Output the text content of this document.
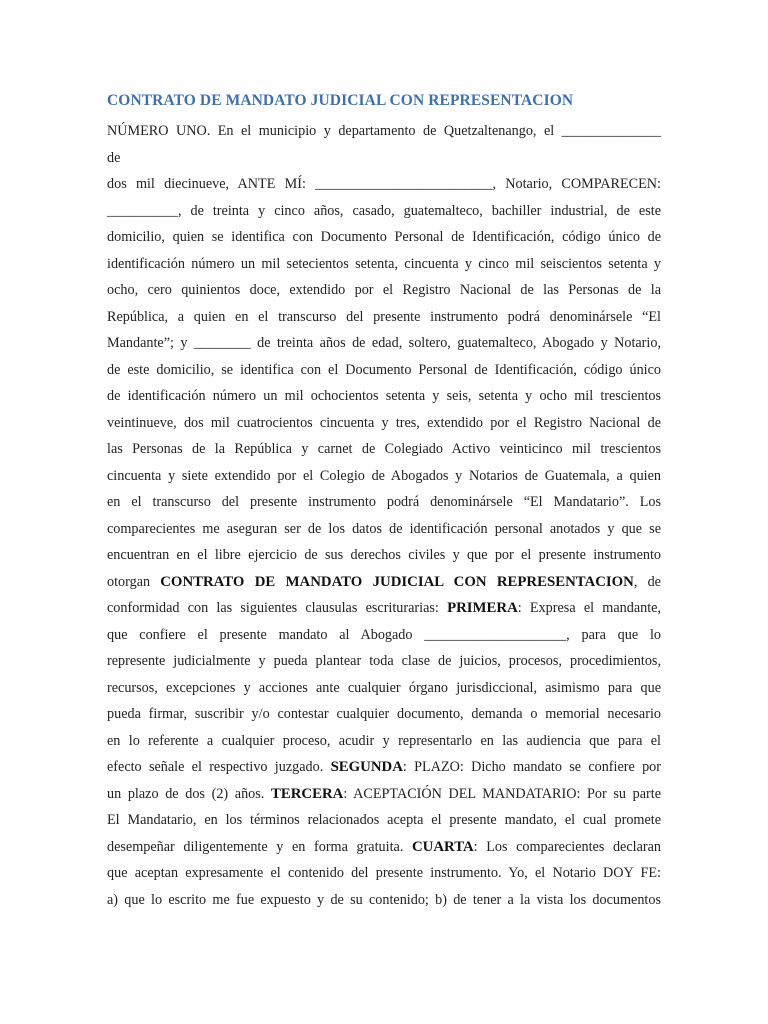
CONTRATO DE MANDATO JUDICIAL CON REPRESENTACION
NÚMERO UNO. En el municipio y departamento de Quetzaltenango, el ______________
de
dos mil diecinueve, ANTE MÍ: _________________________, Notario, COMPARECEN:
__________, de treinta y cinco años, casado, guatemalteco, bachiller industrial, de este
domicilio, quien se identifica con Documento Personal de Identificación, código único de
identificación número un mil setecientos setenta, cincuenta y cinco mil seiscientos setenta y
ocho, cero quinientos doce, extendido por el Registro Nacional de las Personas de la
República, a quien en el transcurso del presente instrumento podrá denominársele “El
Mandante”; y ________ de treinta años de edad, soltero, guatemalteco, Abogado y Notario,
de este domicilio, se identifica con el Documento Personal de Identificación, código único
de identificación número un mil ochocientos setenta y seis, setenta y ocho mil trescientos
veintinueve, dos mil cuatrocientos cincuenta y tres, extendido por el Registro Nacional de
las Personas de la República y carnet de Colegiado Activo veinticinco mil trescientos
cincuenta y siete extendido por el Colegio de Abogados y Notarios de Guatemala, a quien
en el transcurso del presente instrumento podrá denominársele “El Mandatario”. Los
comparecientes me aseguran ser de los datos de identificación personal anotados y que se
encuentran en el libre ejercicio de sus derechos civiles y que por el presente instrumento
otorgan CONTRATO DE MANDATO JUDICIAL CON REPRESENTACION, de
conformidad con las siguientes clausulas escriturarias: PRIMERA: Expresa el mandante,
que confiere el presente mandato al Abogado ____________________, para que lo
represente judicialmente y pueda plantear toda clase de juicios, procesos, procedimientos,
recursos, excepciones y acciones ante cualquier órgano jurisdiccional, asimismo para que
pueda firmar, suscribir y/o contestar cualquier documento, demanda o memorial necesario
en lo referente a cualquier proceso, acudir y representarlo en las audiencia que para el
efecto señale el respectivo juzgado. SEGUNDA: PLAZO: Dicho mandato se confiere por
un plazo de dos (2) años. TERCERA: ACEPTACIÓN DEL MANDATARIO: Por su parte
El Mandatario, en los términos relacionados acepta el presente mandato, el cual promete
desempeñar diligentemente y en forma gratuita. CUARTA: Los comparecientes declaran
que aceptan expresamente el contenido del presente instrumento. Yo, el Notario DOY FE:
a) que lo escrito me fue expuesto y de su contenido; b) de tener a la vista los documentos
